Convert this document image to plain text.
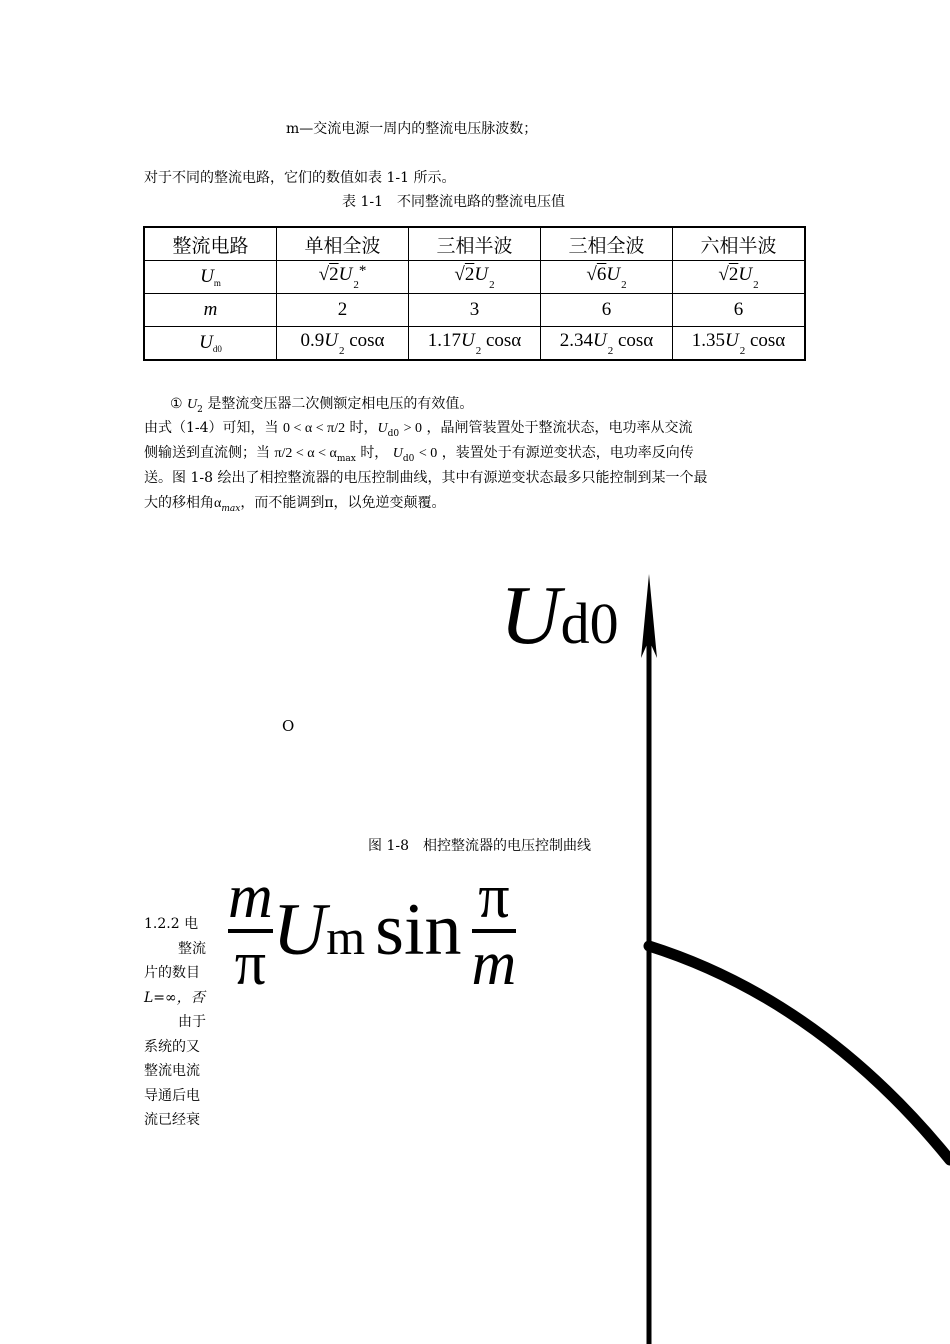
m—交流电源一周内的整流电压脉波数；
对于不同的整流电路，它们的数值如表 1-1 所示。
表 1-1　不同整流电路的整流电压值
整流电路	单相全波	三相半波	三相全波	六相半波
$U_m$	$√2U_2^*$	$√2U_2$	$√6U_2$	$√2U_2$
m	2	3	6	6
$U_{d0}$	$0.9U_2$ cosα	$1.17U_2$ cosα	$2.34U_2$ cosα	$1.35U_2$ cosα
① $U_2$ 是整流变压器二次侧额定相电压的有效值。
由式（1-4）可知，当 0 < α < π/2 时，$U_{d0} > 0$ ，晶闸管装置处于整流状态，电功率从交流
侧输送到直流侧；当 $\pi/2 < \alpha < \alpha_{max}$ 时， $U_{d0} < 0$ ，装置处于有源逆变状态，电功率反向传
送。图 1-8 绘出了相控整流器的电压控制曲线，其中有源逆变状态最多只能控制到某一个最
大的移相角$\alpha_{max}$，而不能调到π，以免逆变颠覆。
Ud0
O
图 1-8　相控整流器的电压控制曲线
1.2.2 电
整流
片的数目
L=∞，否
由于
系统的又
整流电流
导通后电
流已经衰
$\frac{m}{\pi}$ Um $\sin \frac{\pi}{m}$
